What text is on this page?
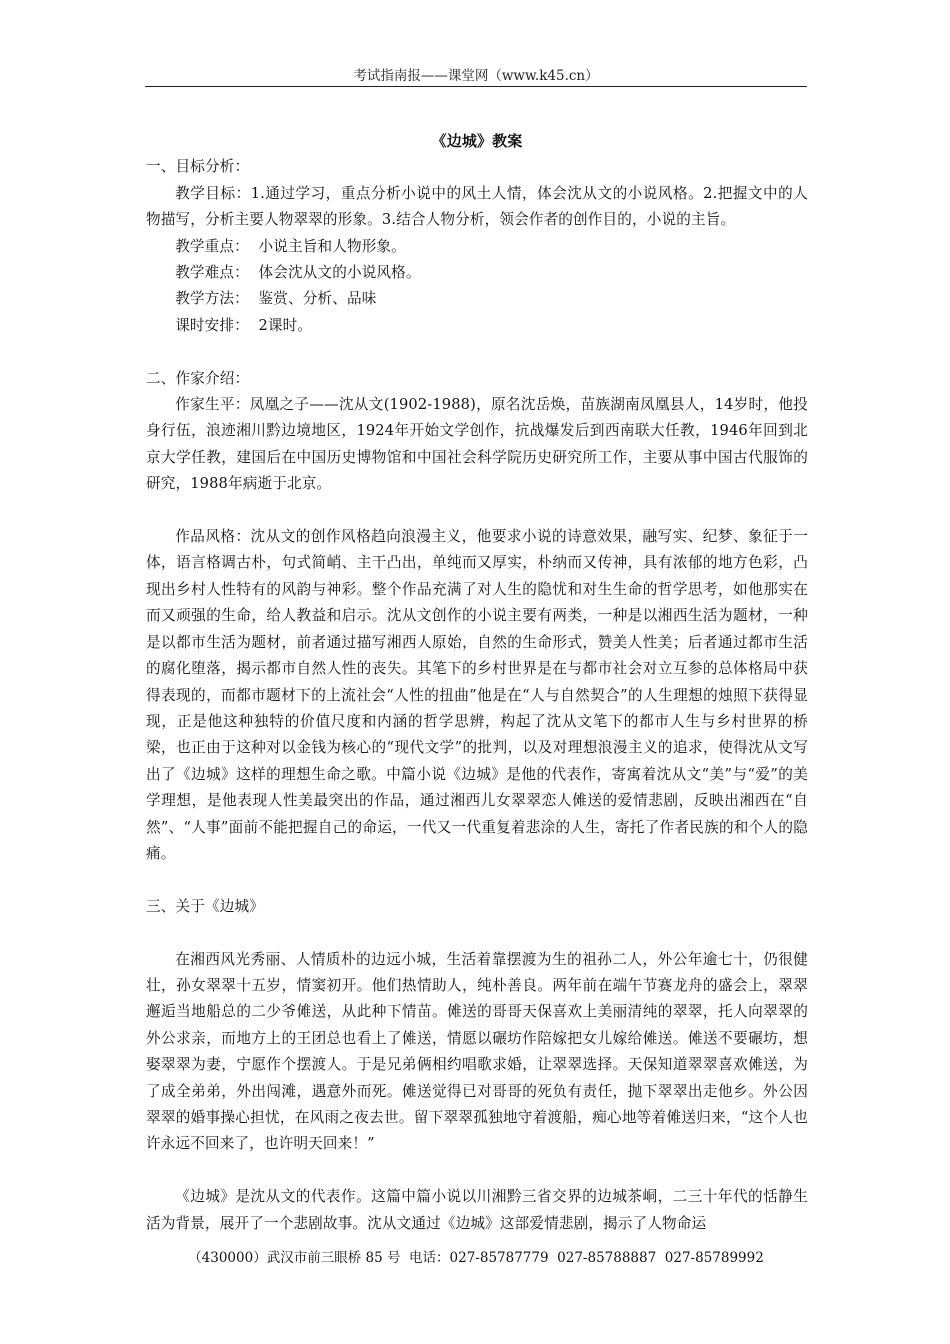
考试指南报——课堂网（www.k45.cn）
《边城》教案

一、目标分析：

教学目标：1.通过学习，重点分析小说中的风土人情，体会沈从文的小说风格。2.把握文中的人物描写，分析主要人物翠翠的形象。3.结合人物分析，领会作者的创作目的，小说的主旨。

教学重点：  小说主旨和人物形象。

教学难点：  体会沈从文的小说风格。

教学方法：  鉴赏、分析、品味

课时安排：  2课时。

二、作家介绍：

作家生平：凤凰之子——沈从文(1902-1988)，原名沈岳焕，苗族湖南凤凰县人，14岁时，他投身行伍，浪迹湘川黔边境地区，1924年开始文学创作，抗战爆发后到西南联大任教，1946年回到北京大学任教，建国后在中国历史博物馆和中国社会科学院历史研究所工作，主要从事中国古代服饰的研究，1988年病逝于北京。

作品风格：沈从文的创作风格趋向浪漫主义，他要求小说的诗意效果，融写实、纪梦、象征于一体，语言格调古朴，句式简峭、主干凸出，单纯而又厚实，朴纳而又传神，具有浓郁的地方色彩，凸现出乡村人性特有的风韵与神彩。整个作品充满了对人生的隐忧和对生生命的哲学思考，如他那实在而又顽强的生命，给人教益和启示。沈从文创作的小说主要有两类，一种是以湘西生活为题材，一种是以都市生活为题材，前者通过描写湘西人原始，自然的生命形式，赞美人性美；后者通过都市生活的腐化堕落，揭示都市自然人性的丧失。其笔下的乡村世界是在与都市社会对立互参的总体格局中获得表现的，而都市题材下的上流社会“人性的扭曲”他是在“人与自然契合”的人生理想的烛照下获得显现，正是他这种独特的价值尺度和内涵的哲学思辨，构起了沈从文笔下的都市人生与乡村世界的桥梁，也正由于这种对以金钱为核心的“现代文学”的批判，以及对理想浪漫主义的追求，使得沈从文写出了《边城》这样的理想生命之歌。中篇小说《边城》是他的代表作，寄寓着沈从文“美”与“爱”的美学理想，是他表现人性美最突出的作品，通过湘西儿女翠翠恋人傩送的爱情悲剧，反映出湘西在“自然”、“人事”面前不能把握自己的命运，一代又一代重复着悲涂的人生，寄托了作者民族的和个人的隐痛。

三、关于《边城》

在湘西风光秀丽、人情质朴的边远小城，生活着靠摆渡为生的祖孙二人，外公年逾七十，仍很健壮，孙女翠翠十五岁，情窦初开。他们热情助人，纯朴善良。两年前在端午节赛龙舟的盛会上，翠翠邂逅当地船总的二少爷傩送，从此种下情苗。傩送的哥哥天保喜欢上美丽清纯的翠翠，托人向翠翠的外公求亲，而地方上的王团总也看上了傩送，情愿以碾坊作陪嫁把女儿嫁给傩送。傩送不要碾坊，想娶翠翠为妻，宁愿作个摆渡人。于是兄弟俩相约唱歌求婚，让翠翠选择。天保知道翠翠喜欢傩送，为了成全弟弟，外出闯滩，遇意外而死。傩送觉得已对哥哥的死负有责任，抛下翠翠出走他乡。外公因翠翠的婚事操心担忧，在风雨之夜去世。留下翠翠孤独地守着渡船，痴心地等着傩送归来，“这个人也许永远不回来了，也许明天回来！”

《边城》是沈从文的代表作。这篇中篇小说以川湘黔三省交界的边城茶峒，二三十年代的恬静生活为背景，展开了一个悲剧故事。沈从文通过《边城》这部爱情悲剧，揭示了人物命运

（430000）武汉市前三眼桥 85 号  电话：027-85787779  027-85788887  027-85789992
